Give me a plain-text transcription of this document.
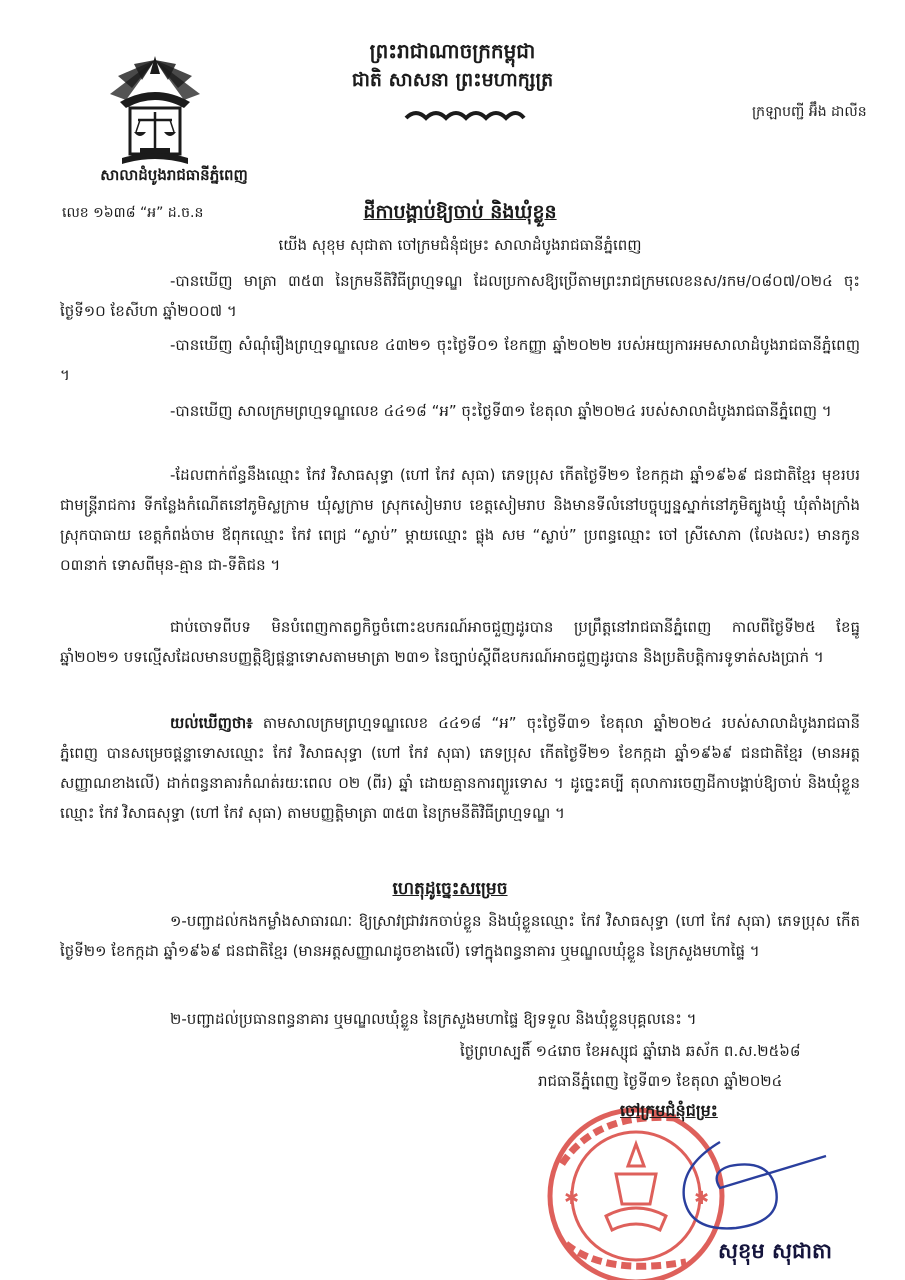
ព្រះរាជាណាចក្រកម្ពុជា
ជាតិ សាសនា ព្រះមហាក្សត្រ
ក្រឡាបញ្ជី អ៊ឹង ដាលីន
សាលាដំបូងរាជធានីភ្នំពេញ
លេខ ១៦៣៨ “អ” ដ.ច.ន	ដីកាបង្គាប់ឱ្យចាប់ និងឃុំខ្លួន
យើង សុខុម សុជាតា ចៅក្រមជំនុំជម្រះ សាលាដំបូងរាជធានីភ្នំពេញ
-បានឃើញ មាត្រា ៣៥៣ នៃក្រមនីតិវិធីព្រហ្មទណ្ឌ ដែលប្រកាសឱ្យប្រើតាមព្រះរាជក្រមលេខនស/រកម/០៨០៧/០២៤ ចុះថ្ងៃទី១០ ខែសីហា ឆ្នាំ២០០៧ ។
-បានឃើញ សំណុំរឿងព្រហ្មទណ្ឌលេខ ៤៣២១ ចុះថ្ងៃទី០១ ខែកញ្ញា ឆ្នាំ២០២២ របស់អយ្យការអមសាលាដំបូងរាជធានីភ្នំពេញ ។
-បានឃើញ សាលក្រមព្រហ្មទណ្ឌលេខ ៤៤១៨ “អ” ចុះថ្ងៃទី៣១ ខែតុលា ឆ្នាំ២០២៤ របស់សាលាដំបូងរាជធានីភ្នំពេញ ។
-ដែលពាក់ព័ន្ធនឹងឈ្មោះ កែវ វិសាធសុទ្ធា (ហៅ កែវ សុធា) ភេទប្រុស កើតថ្ងៃទី២១ ខែកក្កដា ឆ្នាំ១៩៦៩ ជនជាតិខ្មែរ មុខរបរ ជាមន្ត្រីរាជការ ទីកន្លែងកំណើតនៅភូមិស្លក្រាម ឃុំស្លក្រាម ស្រុកសៀមរាប ខេត្តសៀមរាប និងមានទីលំនៅបច្ចុប្បន្នស្នាក់នៅភូមិត្បូងឃ្មុំ ឃុំតាំងក្រាំង ស្រុកបាធាយ ខេត្តកំពង់ចាម ឪពុកឈ្មោះ កែវ ពេជ្រ “ស្លាប់” ម្ដាយឈ្មោះ ផ្លុង សម “ស្លាប់” ប្រពន្ធឈ្មោះ ចៅ ស្រីសោភា (លែងលះ) មានកូន ០៣នាក់ ទោសពីមុន-គ្មាន ជា-ទីតិជន ។
ជាប់ចោទពីបទ មិនបំពេញកាតព្វកិច្ចចំពោះឧបករណ៍អាចជួញដូរបាន ប្រព្រឹត្តនៅរាជធានីភ្នំពេញ កាលពីថ្ងៃទី២៥ ខែធ្នូ ឆ្នាំ២០២១ បទល្មើសដែលមានបញ្ញត្តិឱ្យផ្ដន្ទាទោសតាមមាត្រា ២៣១ នៃច្បាប់ស្ដីពីឧបករណ៍អាចជួញដូរបាន និងប្រតិបត្តិការទូទាត់សងប្រាក់ ។
យល់ឃើញថា៖ តាមសាលក្រមព្រហ្មទណ្ឌលេខ ៤៤១៨ “អ” ចុះថ្ងៃទី៣១ ខែតុលា ឆ្នាំ២០២៤ របស់សាលាដំបូងរាជធានីភ្នំពេញ បានសម្រេចផ្ដន្ទាទោសឈ្មោះ កែវ វិសាធសុទ្ធា (ហៅ កែវ សុធា) ភេទប្រុស កើតថ្ងៃទី២១ ខែកក្កដា ឆ្នាំ១៩៦៩ ជនជាតិខ្មែរ (មានអត្តសញ្ញាណខាងលើ) ដាក់ពន្ធនាគារកំណត់រយៈពេល ០២ (ពីរ) ឆ្នាំ ដោយគ្មានការព្យួរទោស ។ ដូច្នេះគប្បី តុលាការចេញដីកាបង្គាប់ឱ្យចាប់ និងឃុំខ្លួនឈ្មោះ កែវ វិសាធសុទ្ធា (ហៅ កែវ សុធា) តាមបញ្ញត្តិមាត្រា ៣៥៣ នៃក្រមនីតិវិធីព្រហ្មទណ្ឌ ។
ហេតុដូច្នេះសម្រេច
១-បញ្ជាដល់កងកម្លាំងសាធារណៈ ឱ្យស្រាវជ្រាវរកចាប់ខ្លួន និងឃុំខ្លួនឈ្មោះ កែវ វិសាធសុទ្ធា (ហៅ កែវ សុធា) ភេទប្រុស កើតថ្ងៃទី២១ ខែកក្កដា ឆ្នាំ១៩៦៩ ជនជាតិខ្មែរ (មានអត្តសញ្ញាណដូចខាងលើ) ទៅក្នុងពន្ធនាគារ ឬមណ្ឌលឃុំខ្លួន នៃក្រសួងមហាផ្ទៃ ។
២-បញ្ជាដល់ប្រធានពន្ធនាគារ ឬមណ្ឌលឃុំខ្លួន នៃក្រសួងមហាផ្ទៃ ឱ្យទទួល និងឃុំខ្លួនបុគ្គលនេះ ។
ថ្ងៃព្រហស្បតិ៍ ១៤រោច ខែអស្សុជ ឆ្នាំរោង ឆស័ក ព.ស.២៥៦៨
រាជធានីភ្នំពេញ ថ្ងៃទី៣១ ខែតុលា ឆ្នាំ២០២៤
✱	✱
ចៅក្រមជំនុំជម្រះ
សុខុម សុជាតា
